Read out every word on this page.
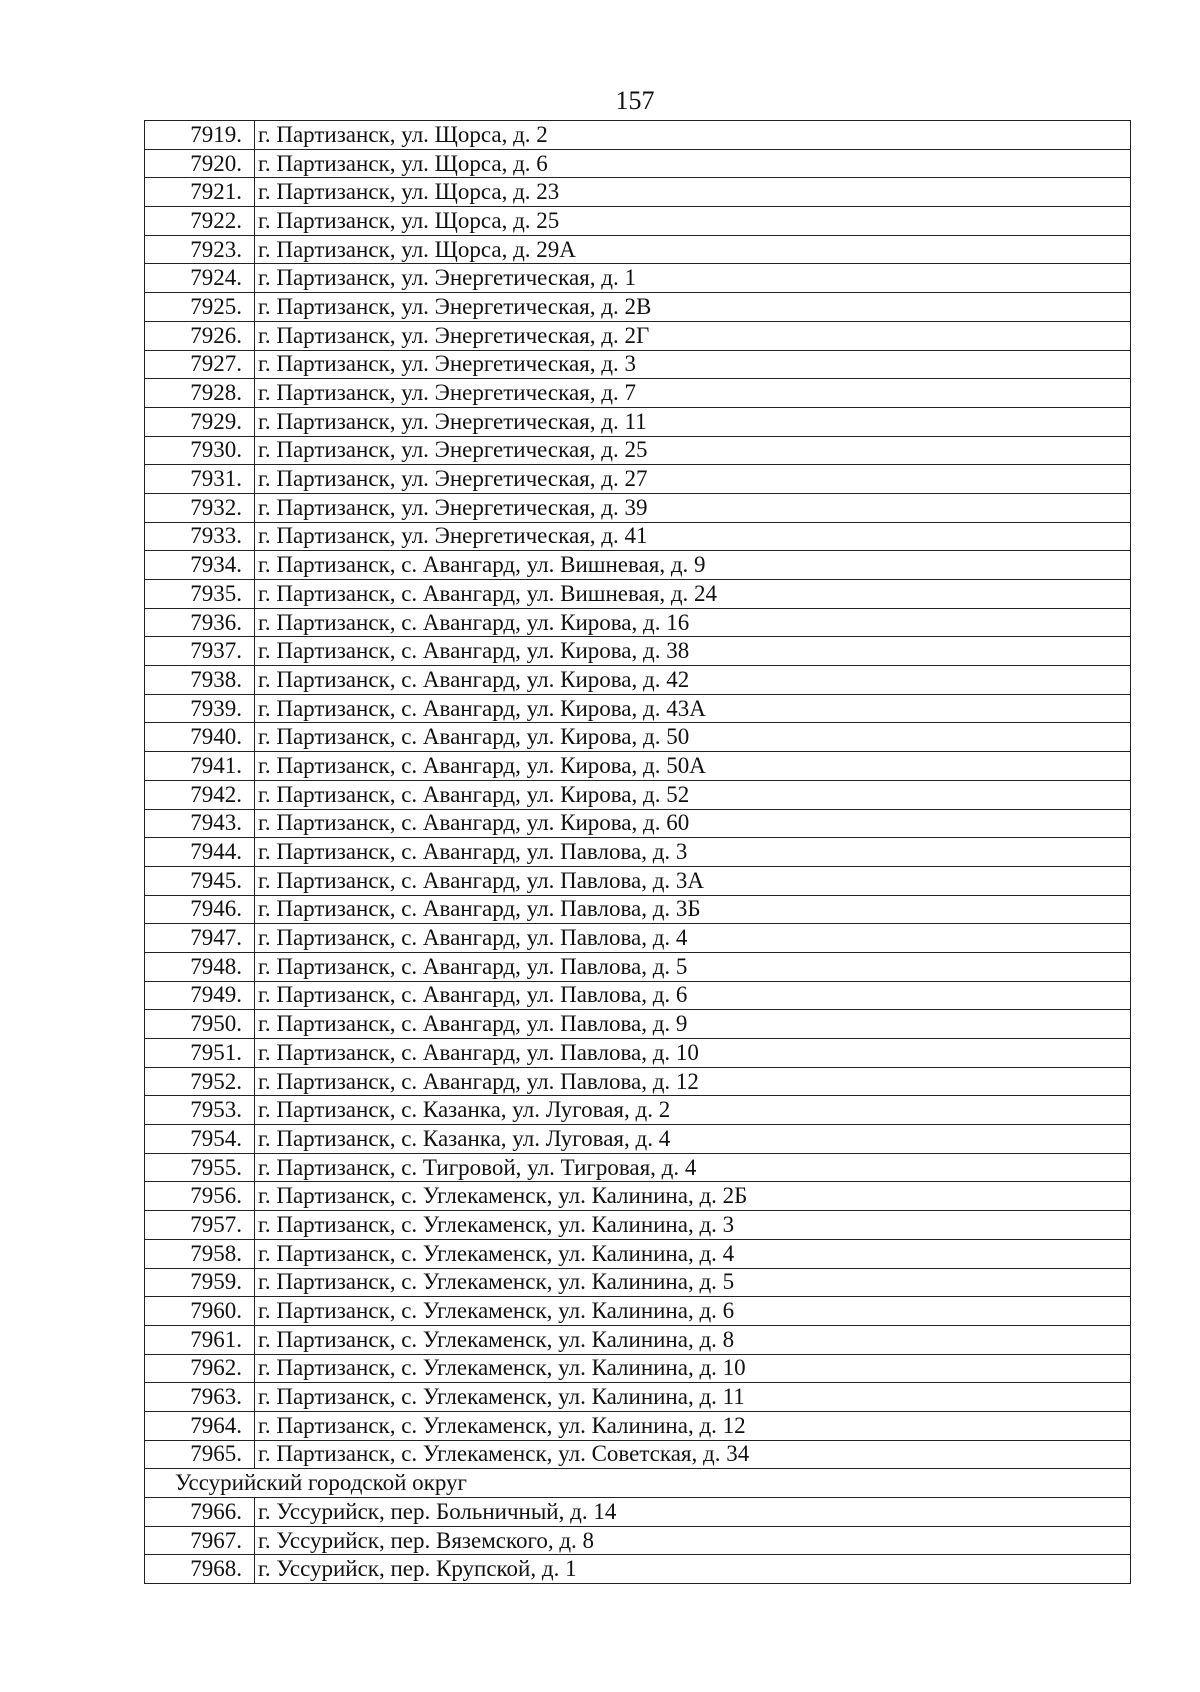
157
7919.	г. Партизанск, ул. Щорса, д. 2
7920.	г. Партизанск, ул. Щорса, д. 6
7921.	г. Партизанск, ул. Щорса, д. 23
7922.	г. Партизанск, ул. Щорса, д. 25
7923.	г. Партизанск, ул. Щорса, д. 29А
7924.	г. Партизанск, ул. Энергетическая, д. 1
7925.	г. Партизанск, ул. Энергетическая, д. 2В
7926.	г. Партизанск, ул. Энергетическая, д. 2Г
7927.	г. Партизанск, ул. Энергетическая, д. 3
7928.	г. Партизанск, ул. Энергетическая, д. 7
7929.	г. Партизанск, ул. Энергетическая, д. 11
7930.	г. Партизанск, ул. Энергетическая, д. 25
7931.	г. Партизанск, ул. Энергетическая, д. 27
7932.	г. Партизанск, ул. Энергетическая, д. 39
7933.	г. Партизанск, ул. Энергетическая, д. 41
7934.	г. Партизанск, с. Авангард, ул. Вишневая, д. 9
7935.	г. Партизанск, с. Авангард, ул. Вишневая, д. 24
7936.	г. Партизанск, с. Авангард, ул. Кирова, д. 16
7937.	г. Партизанск, с. Авангард, ул. Кирова, д. 38
7938.	г. Партизанск, с. Авангард, ул. Кирова, д. 42
7939.	г. Партизанск, с. Авангард, ул. Кирова, д. 43А
7940.	г. Партизанск, с. Авангард, ул. Кирова, д. 50
7941.	г. Партизанск, с. Авангард, ул. Кирова, д. 50А
7942.	г. Партизанск, с. Авангард, ул. Кирова, д. 52
7943.	г. Партизанск, с. Авангард, ул. Кирова, д. 60
7944.	г. Партизанск, с. Авангард, ул. Павлова, д. 3
7945.	г. Партизанск, с. Авангард, ул. Павлова, д. 3А
7946.	г. Партизанск, с. Авангард, ул. Павлова, д. 3Б
7947.	г. Партизанск, с. Авангард, ул. Павлова, д. 4
7948.	г. Партизанск, с. Авангард, ул. Павлова, д. 5
7949.	г. Партизанск, с. Авангард, ул. Павлова, д. 6
7950.	г. Партизанск, с. Авангард, ул. Павлова, д. 9
7951.	г. Партизанск, с. Авангард, ул. Павлова, д. 10
7952.	г. Партизанск, с. Авангард, ул. Павлова, д. 12
7953.	г. Партизанск, с. Казанка, ул. Луговая, д. 2
7954.	г. Партизанск, с. Казанка, ул. Луговая, д. 4
7955.	г. Партизанск, с. Тигровой, ул. Тигровая, д. 4
7956.	г. Партизанск, с. Углекаменск, ул. Калинина, д. 2Б
7957.	г. Партизанск, с. Углекаменск, ул. Калинина, д. 3
7958.	г. Партизанск, с. Углекаменск, ул. Калинина, д. 4
7959.	г. Партизанск, с. Углекаменск, ул. Калинина, д. 5
7960.	г. Партизанск, с. Углекаменск, ул. Калинина, д. 6
7961.	г. Партизанск, с. Углекаменск, ул. Калинина, д. 8
7962.	г. Партизанск, с. Углекаменск, ул. Калинина, д. 10
7963.	г. Партизанск, с. Углекаменск, ул. Калинина, д. 11
7964.	г. Партизанск, с. Углекаменск, ул. Калинина, д. 12
7965.	г. Партизанск, с. Углекаменск, ул. Советская, д. 34
Уссурийский городской округ	
7966.	г. Уссурийск, пер. Больничный, д. 14
7967.	г. Уссурийск, пер. Вяземского, д. 8
7968.	г. Уссурийск, пер. Крупской, д. 1
